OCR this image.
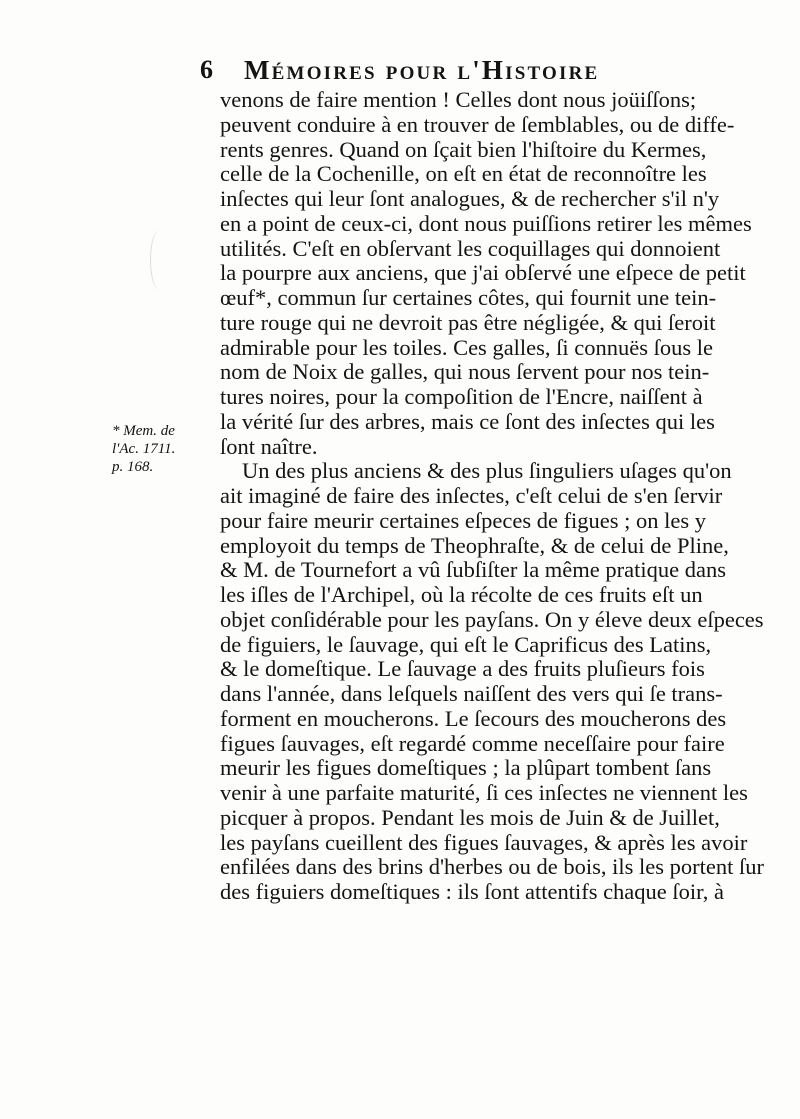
6 Mémoires pour l'Histoire
* Mem. de
l'Ac. 1711.
p. 168.
venons de faire mention ! Celles dont nous joüiſſons;
peuvent conduire à en trouver de ſemblables, ou de diffe-
rents genres. Quand on ſçait bien l'hiſtoire du Kermes,
celle de la Cochenille, on eſt en état de reconnoître les
inſectes qui leur ſont analogues, & de rechercher s'il n'y
en a point de ceux-ci, dont nous puiſſions retirer les mêmes
utilités. C'eſt en obſervant les coquillages qui donnoient
la pourpre aux anciens, que j'ai obſervé une eſpece de petit
œuf*, commun ſur certaines côtes, qui fournit une tein-
ture rouge qui ne devroit pas être négligée, & qui ſeroit
admirable pour les toiles. Ces galles, ſi connuës ſous le
nom de Noix de galles, qui nous ſervent pour nos tein-
tures noires, pour la compoſition de l'Encre, naiſſent à
la vérité ſur des arbres, mais ce ſont des inſectes qui les
ſont naître.
Un des plus anciens & des plus ſinguliers uſages qu'on
ait imaginé de faire des inſectes, c'eſt celui de s'en ſervir
pour faire meurir certaines eſpeces de figues ; on les y
employoit du temps de Theophraſte, & de celui de Pline,
& M. de Tournefort a vû ſubſiſter la même pratique dans
les iſles de l'Archipel, où la récolte de ces fruits eſt un
objet conſidérable pour les payſans. On y éleve deux eſpeces
de figuiers, le ſauvage, qui eſt le Caprificus des Latins,
& le domeſtique. Le ſauvage a des fruits pluſieurs fois
dans l'année, dans leſquels naiſſent des vers qui ſe trans-
forment en moucherons. Le ſecours des moucherons des
figues ſauvages, eſt regardé comme neceſſaire pour faire
meurir les figues domeſtiques ; la plûpart tombent ſans
venir à une parfaite maturité, ſi ces inſectes ne viennent les
picquer à propos. Pendant les mois de Juin & de Juillet,
les payſans cueillent des figues ſauvages, & après les avoir
enfilées dans des brins d'herbes ou de bois, ils les portent ſur
des figuiers domeſtiques : ils ſont attentifs chaque ſoir, à
